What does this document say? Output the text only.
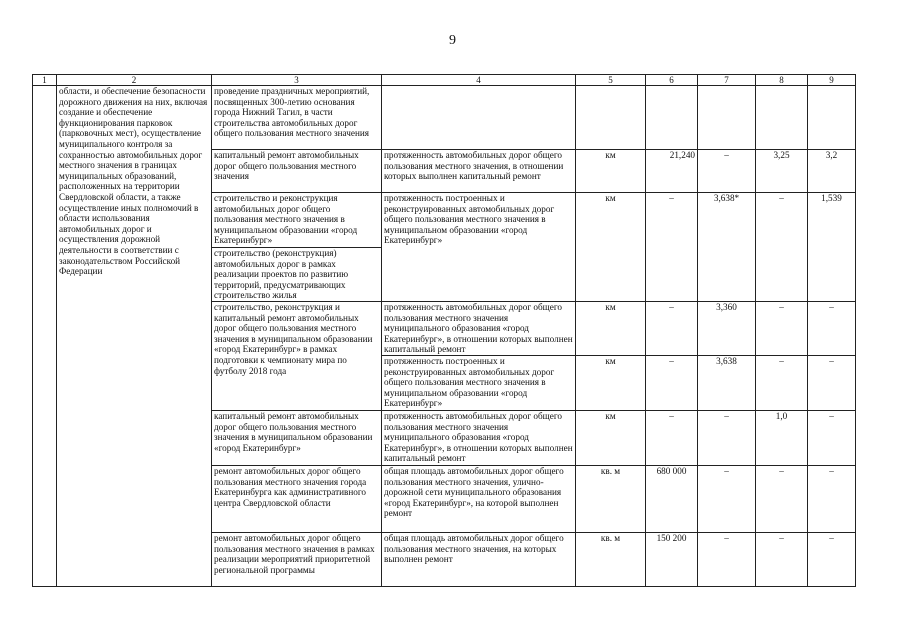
9
1	2	3	4	5	6	7	8	9
	области, и обеспечение безопасности дорожного движения на них, включая создание и обеспечение функционирования парковок (парковочных мест), осуществление муниципального контроля за сохранностью автомобильных дорог местного значения в границах муниципальных образований, расположенных на территории Свердловской области, а также осуществление иных полномочий в области использования автомобильных дорог и осуществления дорожной деятельности в соответствии с законодательством Российской Федерации	проведение праздничных мероприятий, посвященных 300-летию основания города Нижний Тагил, в части строительства автомобильных дорог общего пользования местного значения						
		капитальный ремонт автомобильных дорог общего пользования местного значения	протяженность автомобильных дорог общего пользования местного значения, в отношении которых выполнен капитальный ремонт	км	21,240	–	3,25	3,2
		строительство и реконструкция автомобильных дорог общего пользования местного значения в муниципальном образовании «город Екатеринбург»	протяженность построенных и реконструированных автомобильных дорог общего пользования местного значения в муниципальном образовании «город Екатеринбург»	км	–	3,638*	–	1,539
		строительство (реконструкция) автомобильных дорог в рамках реализации проектов по развитию территорий, предусматривающих строительство жилья						
		строительство, реконструкция и капитальный ремонт автомобильных дорог общего пользования местного значения в муниципальном образовании «город Екатеринбург» в рамках подготовки к чемпионату мира по футболу 2018 года	протяженность автомобильных дорог общего пользования местного значения муниципального образования «город Екатеринбург», в отношении которых выполнен капитальный ремонт	км	–	3,360	–	–
			протяженность построенных и реконструированных автомобильных дорог общего пользования местного значения в муниципальном образовании «город Екатеринбург»	км	–	3,638	–	–
		капитальный ремонт автомобильных дорог общего пользования местного значения в муниципальном образовании «город Екатеринбург»	протяженность автомобильных дорог общего пользования местного значения муниципального образования «город Екатеринбург», в отношении которых выполнен капитальный ремонт	км	–	–	1,0	–
		ремонт автомобильных дорог общего пользования местного значения города Екатеринбурга как административного центра Свердловской области	общая площадь автомобильных дорог общего пользования местного значения, улично-дорожной сети муниципального образования «город Екатеринбург», на которой выполнен ремонт	кв. м	680 000	–	–	–
		ремонт автомобильных дорог общего пользования местного значения в рамках реализации мероприятий приоритетной региональной программы	общая площадь автомобильных дорог общего пользования местного значения, на которых выполнен ремонт	кв. м	150 200	–	–	–
